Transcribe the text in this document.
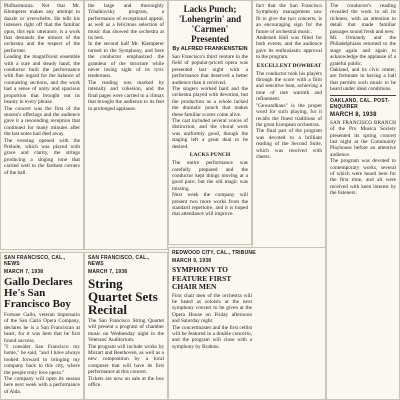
Philharmonia. Not that Mr. Klemperer makes any attempt to dazzle or overwhelm. He tells his listeners right off that the familiar opus, this epic utterance, is a work that demands the utmost of the orchestra and the respect of the performer.

Leading the magnificent ensemble with a sure and steady hand, the conductor built the performance with fine regard for the balance of contrasting sections, and the work had a sense of unity and spacious proportion that brought out its beauty in every phrase.

The concert was the first of the season's offerings and the audience gave it a resounding reception that continued for many minutes after the last notes had died away.

The evening opened with the Prelude, which was played with grace and clarity, the strings producing a singing tone that carried well to the farthest corners of the hall.

the large and thoroughly Tchaikovsky program, a performance of exceptional appeal, as well as a felicitous selection of music that showed the orchestra at its best.

In the second half Mr. Klemperer turned to the Symphony, and here the conductor emphasized the grandeur of the structure while never losing sight of its lyric tenderness.

The reading was marked by intensity and cohesion, and the final pages were carried to a climax that brought the audience to its feet in prolonged applause.

Lacks Punch; 'Lohengrin' and 'Carmen' Presented

By ALFRED FRANKENSTEIN

San Francisco's third venture in the field of popular-priced opera was presented last night with a performance that deserved a better audience than it received.

The singers worked hard and the orchestra played with devotion, but the production as a whole lacked the dramatic punch that makes these familiar scores come alive.

The cast included several voices of distinction, and the choral work was uniformly good, though the staging left a great deal to be desired.

LACKS PUNCH

The entire performance was carefully prepared and the conductor kept things moving at a good pace, but the old magic was missing.

Next week the company will present two more works from the standard repertoire, and it is hoped that attendance will improve.

fact that the San Francisco Symphony management saw fit to give the two concerts, is an encouraging sign for the future of orchestral music.

Andersen Hall was filled for both events, and the audience gave its enthusiastic approval to the program.

EXCELLENT DOWBEAT

The conductor took his players through the score with a firm and sensitive beat, achieving a tone of rare warmth and refinement.

"Gewandhaus" is the proper word for such playing, for it recalls the finest traditions of the great European orchestras.

The final part of the program was devoted to a brilliant reading of the Second Suite, which was received with cheers.

The conductor's reading revealed the work in all its richness, with an attention to detail that made familiar passages sound fresh and new.

Mr. Ormandy and the Philadelphians returned to the stage again and again to acknowledge the applause of a grateful public.

Oakland, and its civic center, are fortunate in having a hall that permits such music to be heard under ideal conditions.

OAKLAND, CAL. POST-ENQUIRER

MARCH 8, 1938

SAN FRANCISCO BRANCH of the Pro Musica Society presented its spring concert last night at the Community Playhouse before an attentive audience.

The program was devoted to contemporary works, several of which were heard here for the first time, and all were received with keen interest by the listeners.

SAN FRANCISCO, CAL., NEWS

MARCH 7, 1938

Gallo Declares He's San Francisco Boy

Fortune Gallo, veteran impresario of the San Carlo Opera Company, declares he is a San Franciscan at heart, for it was here that he first found success.

"I consider San Francisco my home," he said, "and I have always looked forward to bringing my company back to this city, where the people truly love opera."

The company will open its season here next week with a performance of Aida.

SAN FRANCISCO, CAL., NEWS

MARCH 7, 1938

String Quartet Sets Recital

The San Francisco String Quartet will present a program of chamber music on Wednesday night in the Veterans' Auditorium.

The program will include works by Mozart and Beethoven, as well as a new composition by a local composer that will have its first performance at this concert.

Tickets are now on sale at the box office.

REDWOOD CITY, CAL., TRIBUNE

MARCH 9, 1938

SYMPHONY TO FEATURE FIRST CHAIR MEN

First chair men of the orchestra will be heard as soloists at the next symphony concert to be given at the Opera House on Friday afternoon and Saturday night.

The concertmaster and the first cellist will be featured in a double concerto, and the program will close with a symphony by Brahms.
